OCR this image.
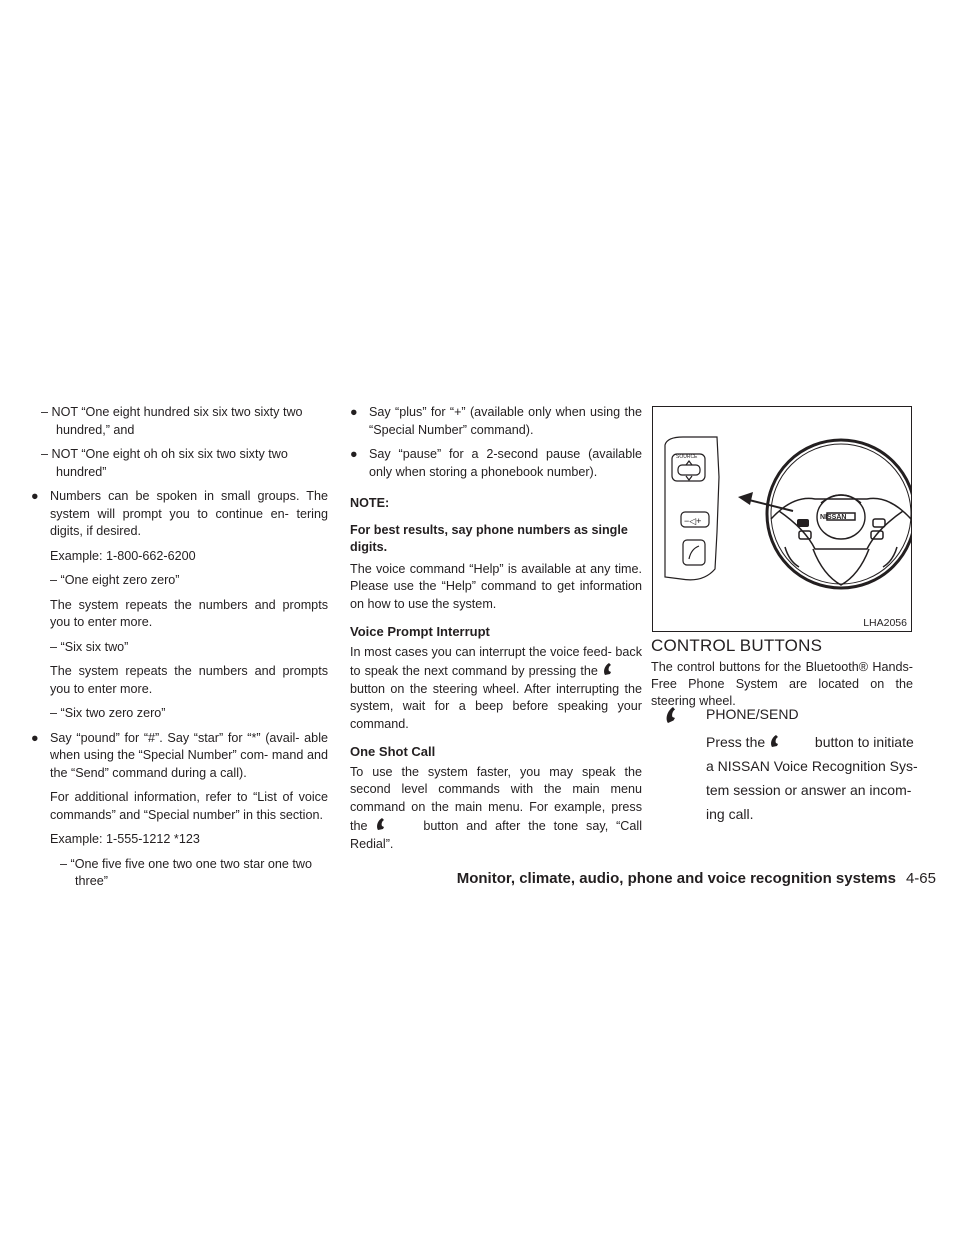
– NOT “One eight hundred six six two sixty two hundred,” and
– NOT “One eight oh oh six six two sixty two hundred”
● Numbers can be spoken in small groups. The system will prompt you to continue en- tering digits, if desired.
Example: 1-800-662-6200
– “One eight zero zero”
The system repeats the numbers and prompts you to enter more.
– “Six six two”
The system repeats the numbers and prompts you to enter more.
– “Six two zero zero”
● Say “pound” for “#”. Say “star” for “*” (avail- able when using the “Special Number” com- mand and the “Send” command during a call).
For additional information, refer to “List of voice commands” and “Special number” in this section.
Example: 1-555-1212 *123
– “One five five one two one two star one two three”
● Say “plus” for “+” (available only when using the “Special Number” command).
● Say “pause” for a 2-second pause (available only when storing a phonebook number).
NOTE:
For best results, say phone numbers as single digits.
The voice command “Help” is available at any time. Please use the “Help” command to get information on how to use the system.
Voice Prompt Interrupt
In most cases you can interrupt the voice feed- back to speak the next command by pressing the
button on the steering wheel. After interrupting the system, wait for a beep before speaking your command.
One Shot Call
To use the system faster, you may speak the second level commands with the main menu command on the main menu. For example, press the	button and after the tone say, “Call Redial”.
SOURCE
−◁+	NISSAN
LHA2056
CONTROL BUTTONS
The control buttons for the Bluetooth® Hands- Free Phone System are located on the steering wheel.
PHONE/SEND
Press the	button to initiate a NISSAN Voice Recognition Sys- tem session or answer an incom- ing call.
Monitor, climate, audio, phone and voice recognition systems 4-65
